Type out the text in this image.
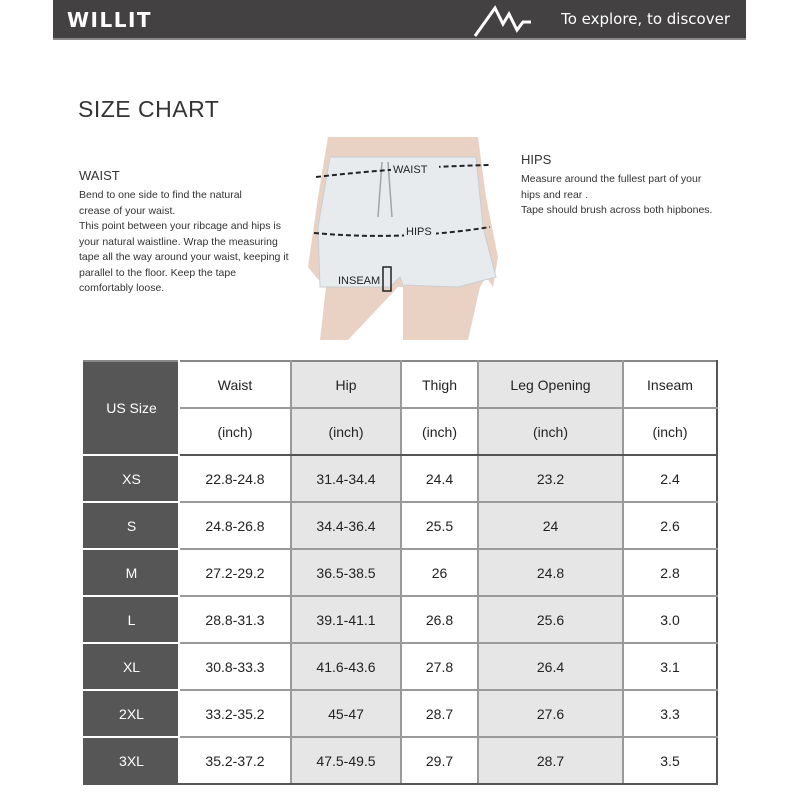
WILLIT	To explore, to discover
SIZE CHART
WAIST
Bend to one side to find the natural
crease of your waist.
This point between your ribcage and hips is
your natural waistline. Wrap the measuring
tape all the way around your waist, keeping it
parallel to the floor. Keep the tape
comfortably loose.
HIPS
Measure around the fullest part of your
hips and rear .
Tape should brush across both hipbones.
WAIST
HIPS
INSEAM
US Size	Waist	Hip	Thigh	Leg Opening	Inseam
	(inch)	(inch)	(inch)	(inch)	(inch)
XS	22.8-24.8	31.4-34.4	24.4	23.2	2.4
S	24.8-26.8	34.4-36.4	25.5	24	2.6
M	27.2-29.2	36.5-38.5	26	24.8	2.8
L	28.8-31.3	39.1-41.1	26.8	25.6	3.0
XL	30.8-33.3	41.6-43.6	27.8	26.4	3.1
2XL	33.2-35.2	45-47	28.7	27.6	3.3
3XL	35.2-37.2	47.5-49.5	29.7	28.7	3.5
